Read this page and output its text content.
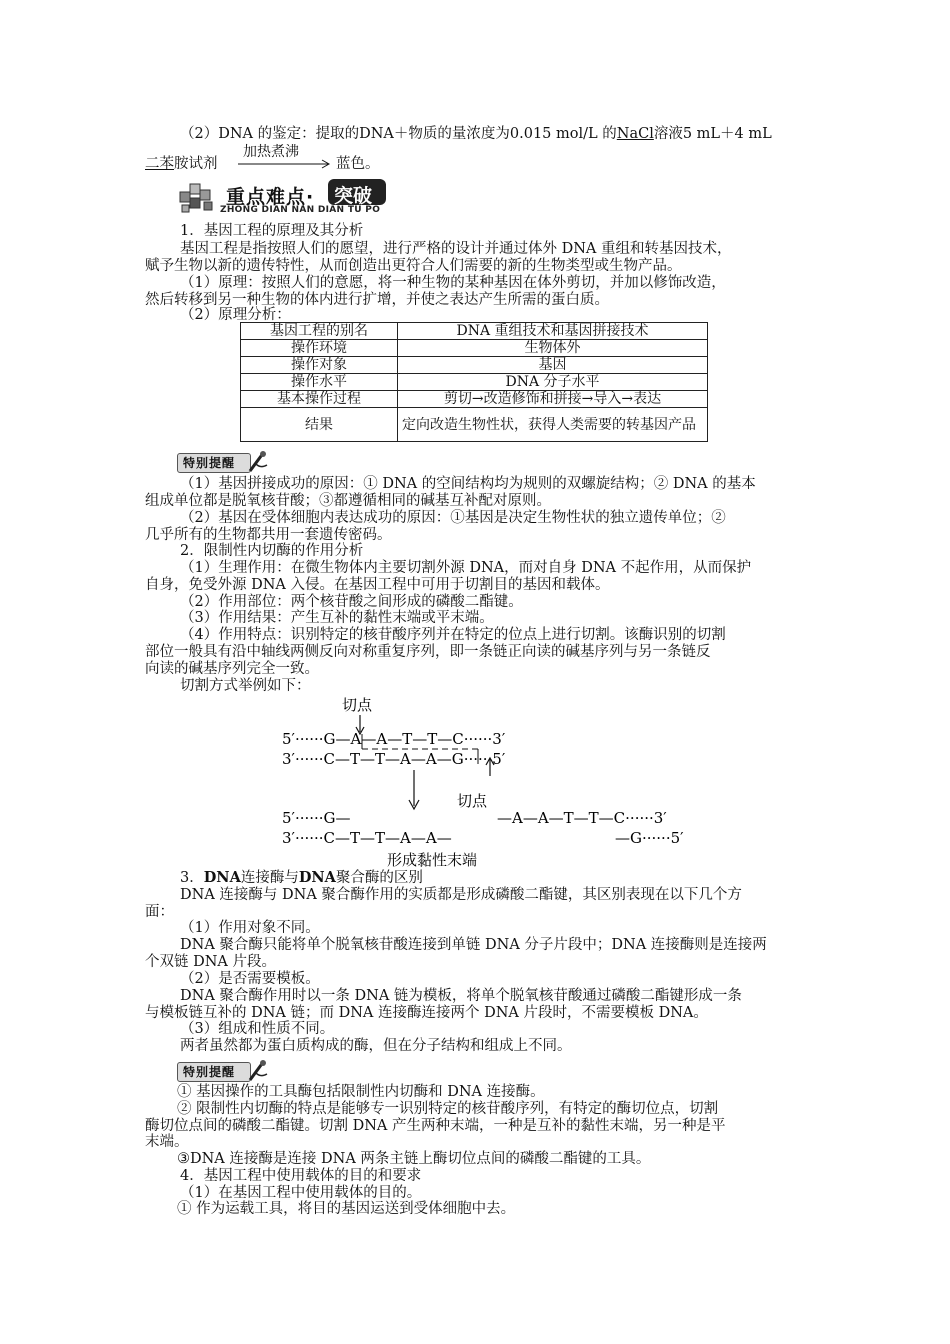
（2）DNA 的鉴定：提取的DNA＋物质的量浓度为0.015 mol/L 的NaCl溶液5 mL＋4 mL
加热煮沸
二苯胺试剂	蓝色。
重点难点· 突破
ZHONG DIAN NAN DIAN TU PO
1．基因工程的原理及其分析
基因工程是指按照人们的愿望，进行严格的设计并通过体外 DNA 重组和转基因技术，
赋予生物以新的遗传特性，从而创造出更符合人们需要的新的生物类型或生物产品。
（1）原理：按照人们的意愿，将一种生物的某种基因在体外剪切，并加以修饰改造，
然后转移到另一种生物的体内进行扩增，并使之表达产生所需的蛋白质。
（2）原理分析：
基因工程的别名	DNA 重组技术和基因拼接技术
操作环境	生物体外
操作对象	基因
操作水平	DNA 分子水平
基本操作过程	剪切→改造修饰和拼接→导入→表达
结果	定向改造生物性状，获得人类需要的转基因产品
特别提醒
（1）基因拼接成功的原因：① DNA 的空间结构均为规则的双螺旋结构；② DNA 的基本
组成单位都是脱氧核苷酸；③都遵循相同的碱基互补配对原则。
（2）基因在受体细胞内表达成功的原因：①基因是决定生物性状的独立遗传单位；②
几乎所有的生物都共用一套遗传密码。
2．限制性内切酶的作用分析
（1）生理作用：在微生物体内主要切割外源 DNA，而对自身 DNA 不起作用，从而保护
自身，免受外源 DNA 入侵。在基因工程中可用于切割目的基因和载体。
（2）作用部位：两个核苷酸之间形成的磷酸二酯键。
（3）作用结果：产生互补的黏性末端或平末端。
（4）作用特点：识别特定的核苷酸序列并在特定的位点上进行切割。该酶识别的切割
部位一般具有沿中轴线两侧反向对称重复序列，即一条链正向读的碱基序列与另一条链反
向读的碱基序列完全一致。
切割方式举例如下：
切点
5′······G—A—A—T—T—C······3′
3′······C—T—T—A—A—G······5′
切点
5′······G—
3′······C—T—T—A—A—
—A—A—T—T—C······3′
—G······5′
形成黏性末端
3．DNA连接酶与DNA聚合酶的区别
DNA 连接酶与 DNA 聚合酶作用的实质都是形成磷酸二酯键，其区别表现在以下几个方
面：
（1）作用对象不同。
DNA 聚合酶只能将单个脱氧核苷酸连接到单链 DNA 分子片段中；DNA 连接酶则是连接两
个双链 DNA 片段。
（2）是否需要模板。
DNA 聚合酶作用时以一条 DNA 链为模板，将单个脱氧核苷酸通过磷酸二酯键形成一条
与模板链互补的 DNA 链；而 DNA 连接酶连接两个 DNA 片段时，不需要模板 DNA。
（3）组成和性质不同。
两者虽然都为蛋白质构成的酶，但在分子结构和组成上不同。
特别提醒
① 基因操作的工具酶包括限制性内切酶和 DNA 连接酶。
② 限制性内切酶的特点是能够专一识别特定的核苷酸序列，有特定的酶切位点，切割
酶切位点间的磷酸二酯键。切割 DNA 产生两种末端，一种是互补的黏性末端，另一种是平
末端。
③DNA 连接酶是连接 DNA 两条主链上酶切位点间的磷酸二酯键的工具。
4．基因工程中使用载体的目的和要求
（1）在基因工程中使用载体的目的。
① 作为运载工具，将目的基因运送到受体细胞中去。
